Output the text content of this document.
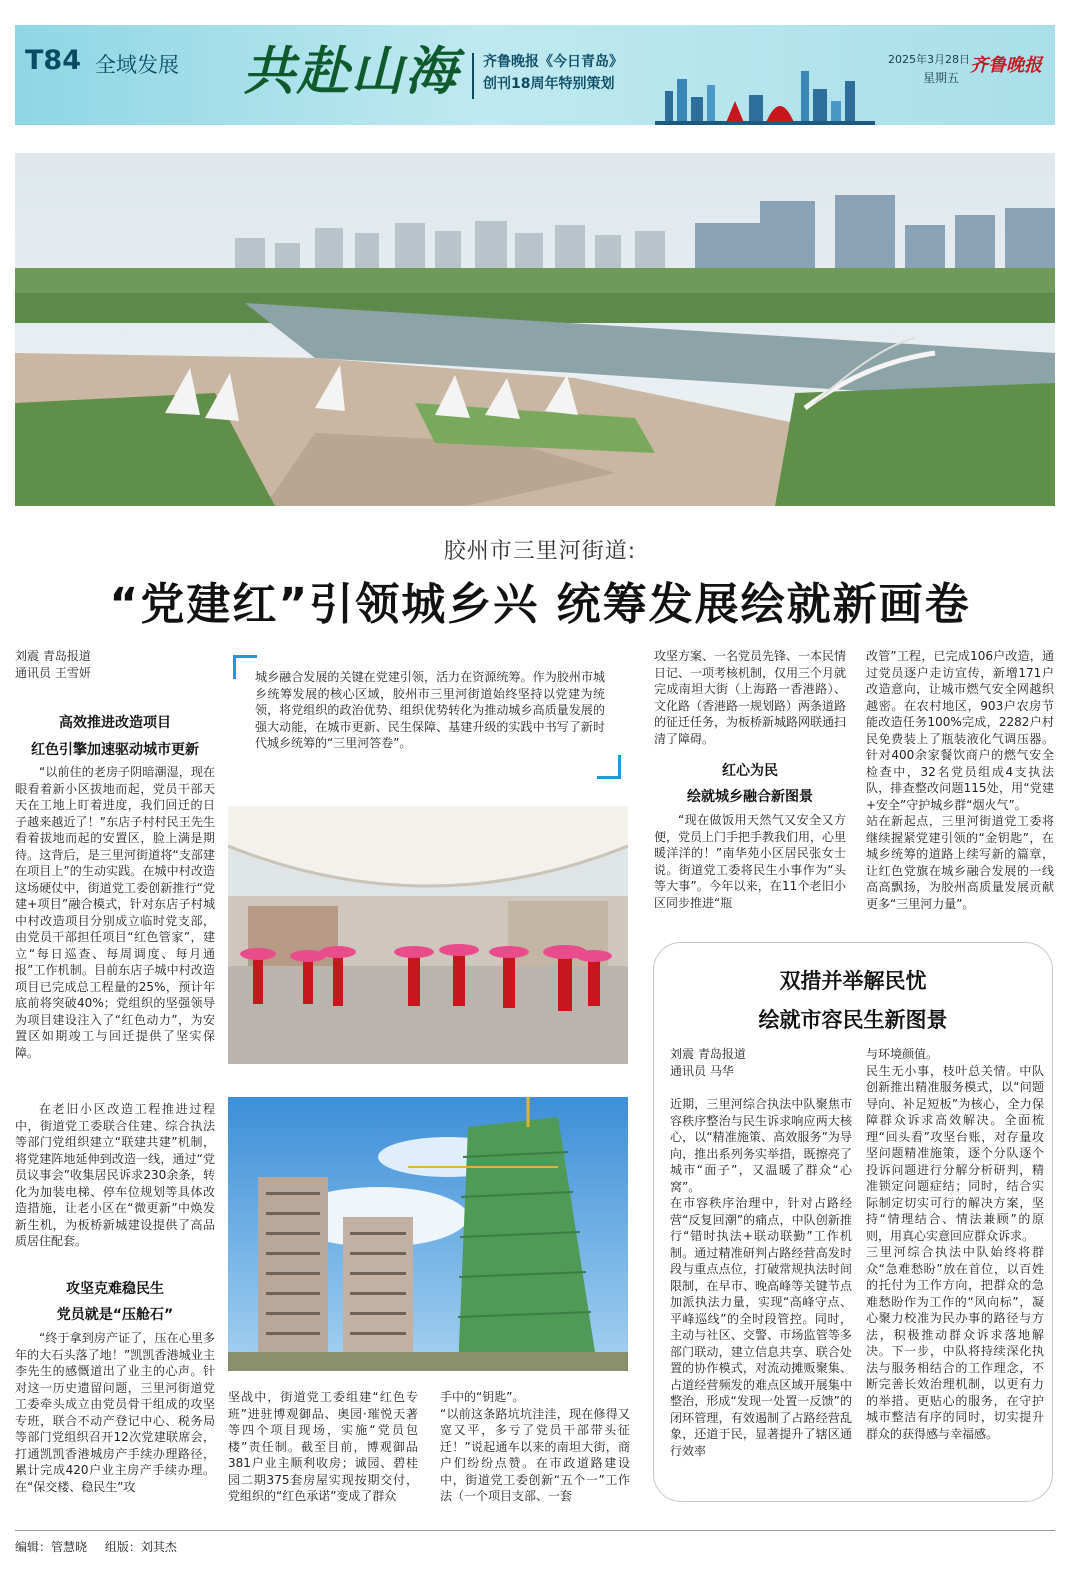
T84 全域发展 共赴山海 齐鲁晚报《今日青岛》
创刊18周年特别策划
2025年3月28日
星期五
齐鲁晚报
胶州市三里河街道:
“党建红”引领城乡兴 统筹发展绘就新画卷
刘震 青岛报道
通讯员 王雪妍
高效推进改造项目
红色引擎加速驱动城市更新
“以前住的老房子阴暗潮湿，现在眼看着新小区拔地而起，党员干部天天在工地上盯着进度，我们回迁的日子越来越近了！”东店子村村民王先生看着拔地而起的安置区，脸上满是期待。这背后，是三里河街道将“支部建在项目上”的生动实践。在城中村改造这场硬仗中，街道党工委创新推行“党建+项目”融合模式，针对东店子村城中村改造项目分别成立临时党支部，由党员干部担任项目“红色管家”，建立“每日巡查、每周调度、每月通报”工作机制。目前东店子城中村改造项目已完成总工程量的25%，预计年底前将突破40%；党组织的坚强领导为项目建设注入了“红色动力”，为安置区如期竣工与回迁提供了坚实保障。
在老旧小区改造工程推进过程中，街道党工委联合住建、综合执法等部门党组织建立“联建共建”机制，将党建阵地延伸到改造一线，通过“党员议事会”收集居民诉求230余条，转化为加装电梯、停车位规划等具体改造措施，让老小区在“微更新”中焕发新生机，为板桥新城建设提供了高品质居住配套。
攻坚克难稳民生
党员就是“压舱石”
“终于拿到房产证了，压在心里多年的大石头落了地！”凯凯香港城业主李先生的感慨道出了业主的心声。针对这一历史遗留问题，三里河街道党工委牵头成立由党员骨干组成的攻坚专班，联合不动产登记中心、税务局等部门党组织召开12次党建联席会，打通凯凯香港城房产手续办理路径，累计完成420户业主房产手续办理。在“保交楼、稳民生”攻
城乡融合发展的关键在党建引领，活力在资源统筹。作为胶州市城乡统筹发展的核心区域，胶州市三里河街道始终坚持以党建为统领，将党组织的政治优势、组织优势转化为推动城乡高质量发展的强大动能，在城市更新、民生保障、基建升级的实践中书写了新时代城乡统筹的“三里河答卷”。
坚战中，街道党工委组建“红色专班”进驻博观御品、奥园·璀悦天著等四个项目现场，实施“党员包楼”责任制。截至目前，博观御品381户业主顺利收房；诚园、碧桂园二期375套房屋实现按期交付，党组织的“红色承诺”变成了群众
攻坚方案、一名党员先锋、一本民情日记、一项考核机制，仅用三个月就完成南坦大街（上海路一香港路）、文化路（香港路一规划路）两条道路的征迁任务，为板桥新城路网联通扫清了障碍。
红心为民
绘就城乡融合新图景
“现在做饭用天然气又安全又方便，党员上门手把手教我们用，心里暖洋洋的！”南华苑小区居民张女士说。街道党工委将民生小事作为“头等大事”。今年以来，在11个老旧小区同步推进“瓶
手中的“钥匙”。
“以前这条路坑坑洼洼，现在修得又宽又平，多亏了党员干部带头征迁！”说起通车以来的南坦大街，商户们纷纷点赞。在市政道路建设中，街道党工委创新“五个一”工作法（一个项目支部、一套
改管”工程，已完成106户改造，通过党员逐户走访宣传，新增171户改造意向，让城市燃气安全网越织越密。在农村地区，903户农房节能改造任务100%完成，2282户村民免费装上了瓶装液化气调压器。针对400余家餐饮商户的燃气安全检查中，32名党员组成4支执法队，排查整改问题115处，用“党建+安全”守护城乡群“烟火气”。
站在新起点，三里河街道党工委将继续握紧党建引领的“金钥匙”，在城乡统筹的道路上续写新的篇章，让红色党旗在城乡融合发展的一线高高飘扬，为胶州高质量发展贡献更多“三里河力量”。
双措并举解民忧
绘就市容民生新图景
刘震 青岛报道
通讯员 马华
近期，三里河综合执法中队聚焦市容秩序整治与民生诉求响应两大核心，以“精准施策、高效服务”为导向，推出系列务实举措，既擦亮了城市“面子”，又温暖了群众“心窝”。
在市容秩序治理中，针对占路经营“反复回潮”的痛点，中队创新推行“错时执法+联动联勤”工作机制。通过精准研判占路经营高发时段与重点点位，打破常规执法时间限制，在早市、晚高峰等关键节点加派执法力量，实现“高峰守点、平峰巡线”的全时段管控。同时，主动与社区、交警、市场监管等多部门联动，建立信息共享、联合处置的协作模式，对流动摊贩聚集、占道经营频发的难点区域开展集中整治，形成“发现一处置一反馈”的闭环管理，有效遏制了占路经营乱象，还道于民，显著提升了辖区通行效率
与环境颜值。
民生无小事，枝叶总关情。中队创新推出精准服务模式，以“问题导向、补足短板”为核心，全力保障群众诉求高效解决。全面梳理“回头看”攻坚台账，对存量攻坚问题精准施策，逐个分队逐个投诉问题进行分解分析研判，精准锁定问题症结；同时，结合实际制定切实可行的解决方案，坚持“情理结合、情法兼顾”的原则，用真心实意回应群众诉求。
三里河综合执法中队始终将群众“急难愁盼”放在首位，以百姓的托付为工作方向，把群众的急难愁盼作为工作的“风向标”，凝心聚力校准为民办事的路径与方法，积极推动群众诉求落地解决。下一步，中队将持续深化执法与服务相结合的工作理念，不断完善长效治理机制，以更有力的举措、更贴心的服务，在守护城市整洁有序的同时，切实提升群众的获得感与幸福感。
编辑：管慧晓 组版：刘其杰
